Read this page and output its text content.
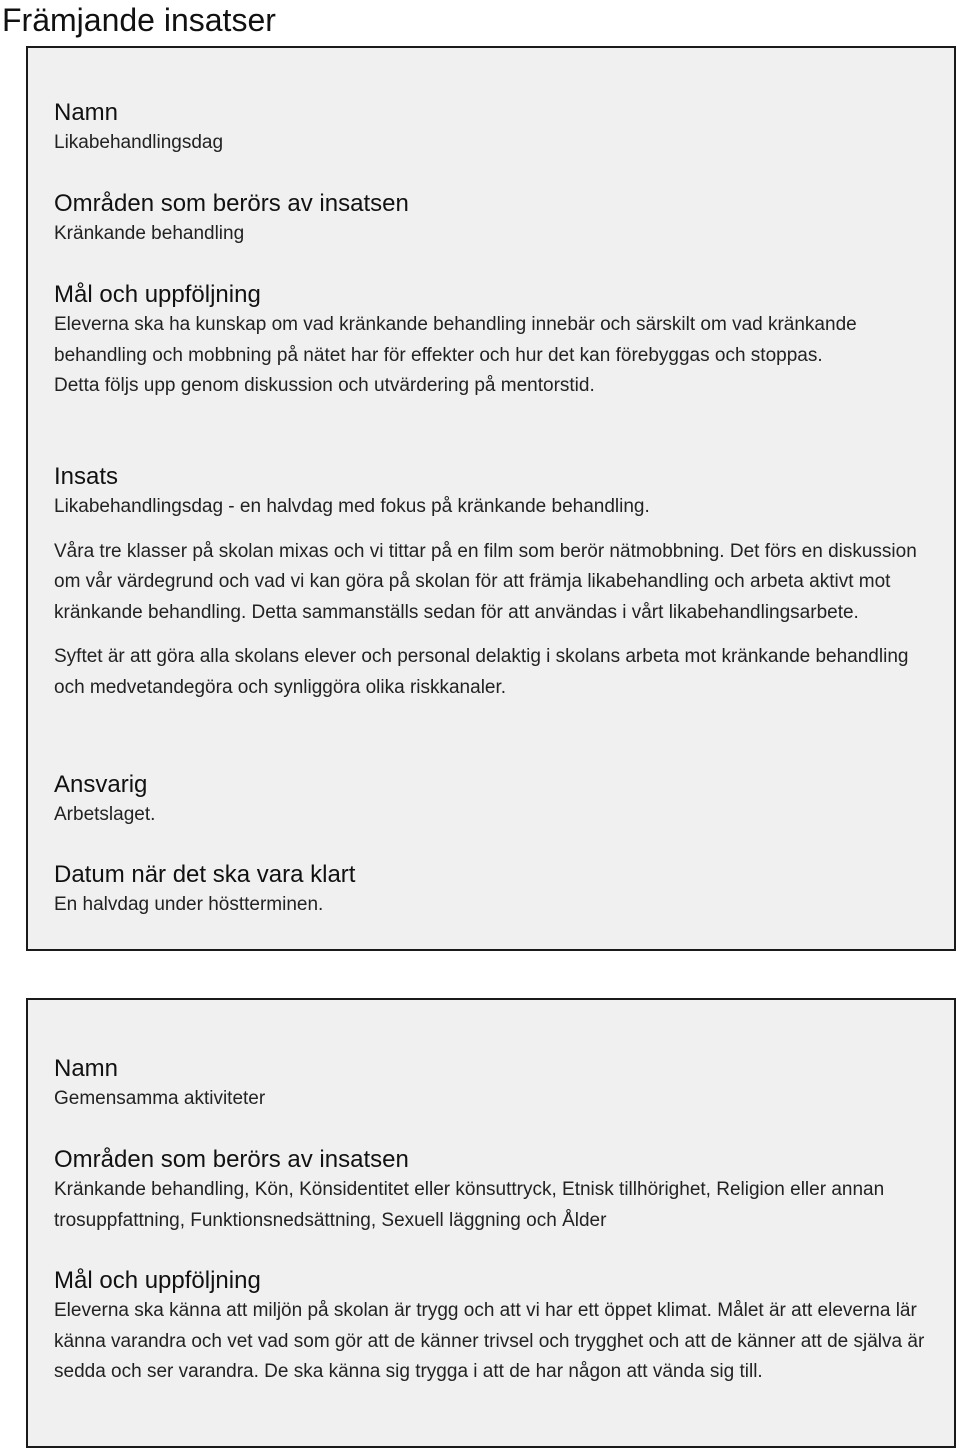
Främjande insatser

Namn

Likabehandlingsdag

Områden som berörs av insatsen

Kränkande behandling

Mål och uppföljning

Eleverna ska ha kunskap om vad kränkande behandling innebär och särskilt om vad kränkande behandling och mobbning på nätet har för effekter och hur det kan förebyggas och stoppas.

Detta följs upp genom diskussion och utvärdering på mentorstid.

Insats

Likabehandlingsdag - en halvdag med fokus på kränkande behandling.

Våra tre klasser på skolan mixas och vi tittar på en film som berör nätmobbning. Det förs en diskussion om vår värdegrund och vad vi kan göra på skolan för att främja likabehandling och arbeta aktivt mot kränkande behandling. Detta sammanställs sedan för att användas i vårt likabehandlingsarbete.

Syftet är att göra alla skolans elever och personal delaktig i skolans arbeta mot kränkande behandling och medvetandegöra och synliggöra olika riskkanaler.

Ansvarig

Arbetslaget.

Datum när det ska vara klart

En halvdag under höstterminen.

Namn

Gemensamma aktiviteter

Områden som berörs av insatsen

Kränkande behandling, Kön, Könsidentitet eller könsuttryck, Etnisk tillhörighet, Religion eller annan trosuppfattning, Funktionsnedsättning, Sexuell läggning och Ålder

Mål och uppföljning

Eleverna ska känna att miljön på skolan är trygg och att vi har ett öppet klimat. Målet är att eleverna lär känna varandra och vet vad som gör att de känner trivsel och trygghet och att de känner att de själva är sedda och ser varandra. De ska känna sig trygga i att de har någon att vända sig till.
